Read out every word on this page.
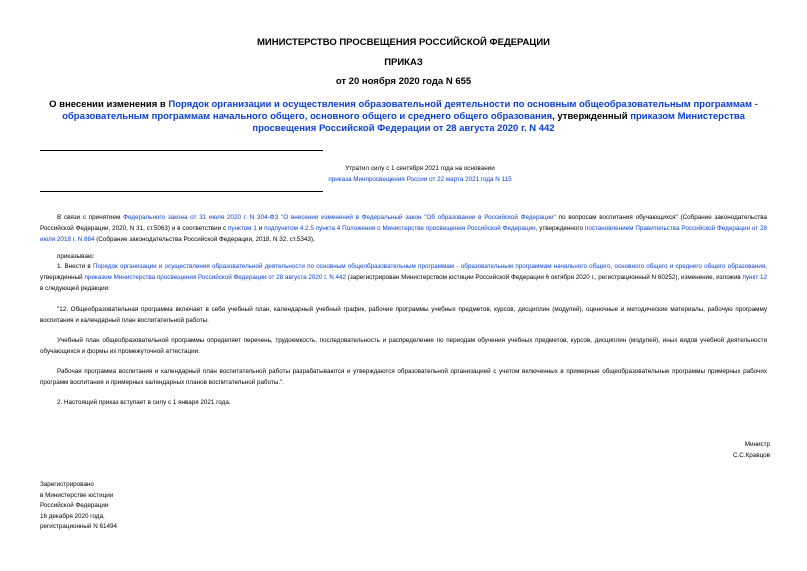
МИНИСТЕРСТВО ПРОСВЕЩЕНИЯ РОССИЙСКОЙ ФЕДЕРАЦИИ
ПРИКАЗ
от 20 ноября 2020 года N 655
О внесении изменения в Порядок организации и осуществления образовательной деятельности по основным общеобразовательным программам - образовательным программам начального общего, основного общего и среднего общего образования, утвержденный приказом Министерства просвещения Российской Федерации от 28 августа 2020 г. N 442
Утратил силу с 1 сентября 2021 года на основании
приказа Минпросвещения России от 22 марта 2021 года N 115
В связи с принятием Федерального закона от 31 июля 2020 г. N 304-ФЗ "О внесении изменений в Федеральный закон "Об образовании в Российской Федерации" по вопросам воспитания обучающихся" (Собрание законодательства Российской Федерации, 2020, N 31, ст.5063) и в соответствии с пунктом 1 и подпунктом 4.2.5 пункта 4 Положения о Министерстве просвещения Российской Федерации, утвержденного постановлением Правительства Российской Федерации от 28 июля 2018 г. N 884 (Собрание законодательства Российской Федерации, 2018, N 32, ст.5343),
приказываю:
1. Внести в Порядок организации и осуществления образовательной деятельности по основным общеобразовательным программам - образовательным программам начального общего, основного общего и среднего общего образования, утвержденный приказом Министерства просвещения Российской Федерации от 28 августа 2020 г. N 442 (зарегистрирован Министерством юстиции Российской Федерации 6 октября 2020 г., регистрационный N 60252), изменение, изложив пункт 12 в следующей редакции:
"12. Общеобразовательная программа включает в себя учебный план, календарный учебный график, рабочие программы учебных предметов, курсов, дисциплин (модулей), оценочные и методические материалы, рабочую программу воспитания и календарный план воспитательной работы.
Учебный план общеобразовательной программы определяет перечень, трудоемкость, последовательность и распределение по периодам обучения учебных предметов, курсов, дисциплин (модулей), иных видов учебной деятельности обучающихся и формы их промежуточной аттестации.
Рабочая программа воспитания и календарный план воспитательной работы разрабатываются и утверждаются образовательной организацией с учетом включенных в примерные общеобразовательные программы примерных рабочих программ воспитания и примерных календарных планов воспитательной работы.".
2. Настоящий приказ вступает в силу с 1 января 2021 года.
Министр
С.С.Кравцов
Зарегистрировано
в Министерстве юстиции
Российской Федерации
16 декабря 2020 года,
регистрационный N 61494
